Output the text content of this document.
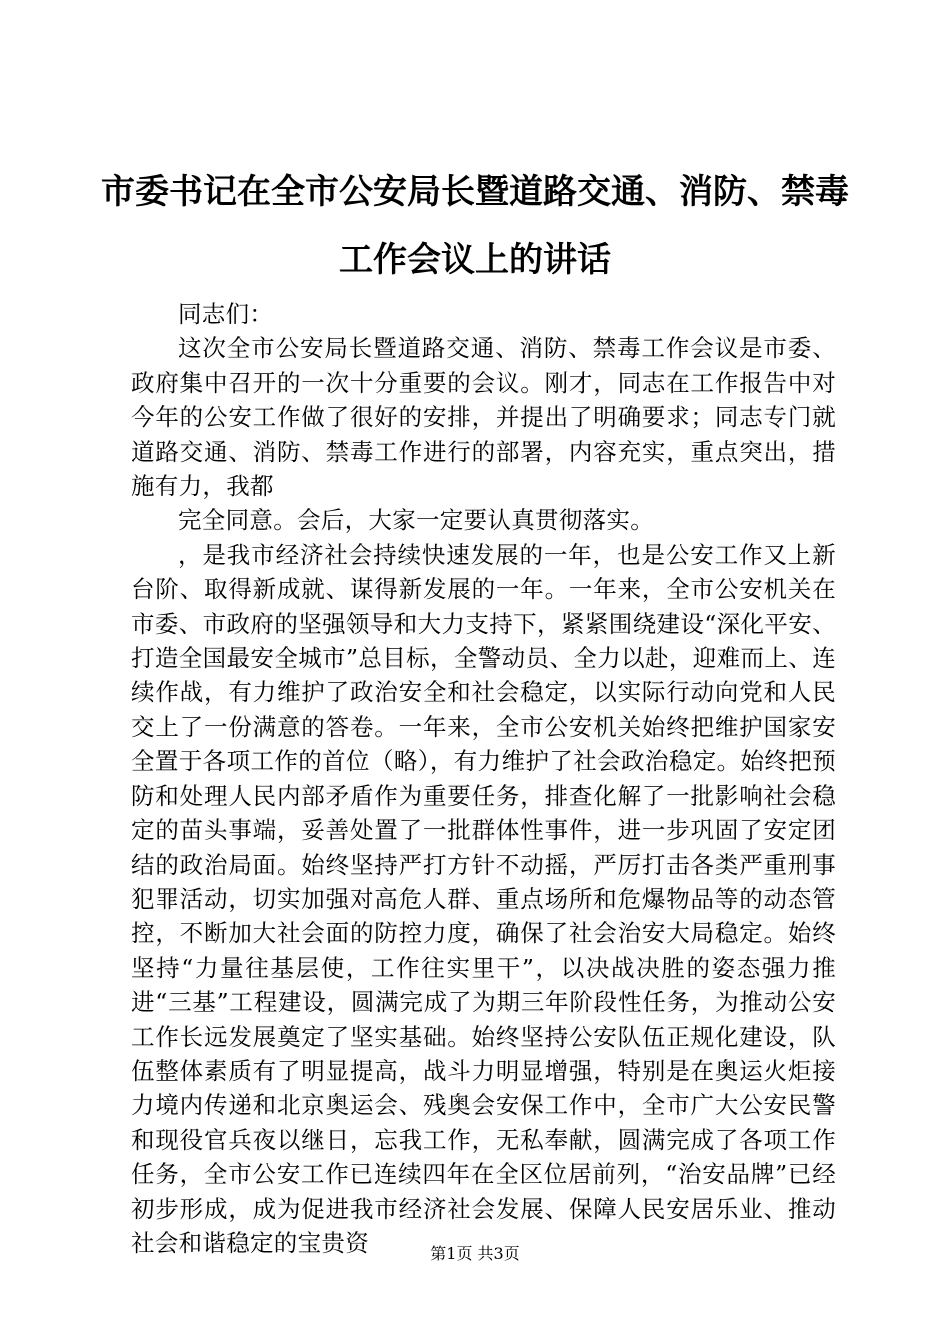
市委书记在全市公安局长暨道路交通、消防、禁毒工作会议上的讲话

同志们：

这次全市公安局长暨道路交通、消防、禁毒工作会议是市委、政府集中召开的一次十分重要的会议。刚才，同志在工作报告中对今年的公安工作做了很好的安排，并提出了明确要求；同志专门就道路交通、消防、禁毒工作进行的部署，内容充实，重点突出，措施有力，我都

完全同意。会后，大家一定要认真贯彻落实。

，是我市经济社会持续快速发展的一年，也是公安工作又上新台阶、取得新成就、谋得新发展的一年。一年来，全市公安机关在市委、市政府的坚强领导和大力支持下，紧紧围绕建设“深化平安、打造全国最安全城市”总目标，全警动员、全力以赴，迎难而上、连续作战，有力维护了政治安全和社会稳定，以实际行动向党和人民交上了一份满意的答卷。一年来，全市公安机关始终把维护国家安全置于各项工作的首位（略），有力维护了社会政治稳定。始终把预防和处理人民内部矛盾作为重要任务，排查化解了一批影响社会稳定的苗头事端，妥善处置了一批群体性事件，进一步巩固了安定团结的政治局面。始终坚持严打方针不动摇，严厉打击各类严重刑事犯罪活动，切实加强对高危人群、重点场所和危爆物品等的动态管控，不断加大社会面的防控力度，确保了社会治安大局稳定。始终坚持“力量往基层使，工作往实里干”，以决战决胜的姿态强力推进“三基”工程建设，圆满完成了为期三年阶段性任务，为推动公安工作长远发展奠定了坚实基础。始终坚持公安队伍正规化建设，队伍整体素质有了明显提高，战斗力明显增强，特别是在奥运火炬接力境内传递和北京奥运会、残奥会安保工作中，全市广大公安民警和现役官兵夜以继日，忘我工作，无私奉献，圆满完成了各项工作任务，全市公安工作已连续四年在全区位居前列，“治安品牌”已经初步形成，成为促进我市经济社会发展、保障人民安居乐业、推动社会和谐稳定的宝贵资	第1页 共3页
